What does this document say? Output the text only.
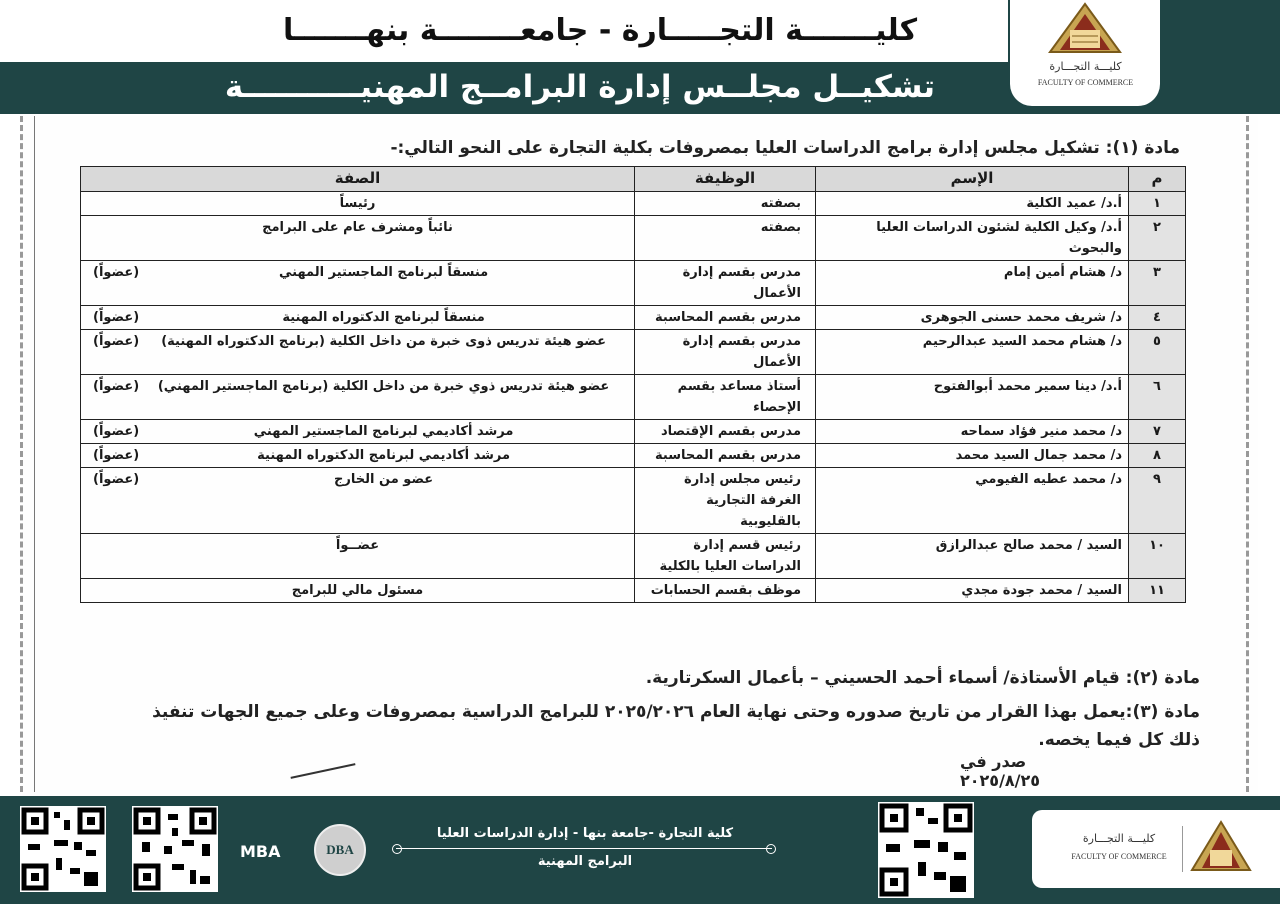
كليـــــــة التجـــــارة - جامعــــــــة بنهـــــــا
تشكيــل مجلــس إدارة البرامــج المهنيـــــــــــة
كليـــة التجـــارة
FACULTY OF COMMERCE
مادة (١): تشكيل مجلس إدارة برامج الدراسات العليا بمصروفات بكلية التجارة على النحو التالي:-
م	الإسم	الوظيفة	الصفة
١	أ.د/ عميد الكلية	بصفته	رئيساً
٢	أ.د/ وكيل الكلية لشئون الدراسات العليا والبحوث	بصفته	نائباً ومشرف عام على البرامج
٣	د/ هشام أمين إمام	مدرس بقسم إدارة الأعمال	(عضواً) منسقاً لبرنامج الماجستير المهني
٤	د/ شريف محمد حسنى الجوهرى	مدرس بقسم المحاسبة	(عضواً) منسقاً لبرنامج الدكتوراه المهنية
٥	د/ هشام محمد السيد عبدالرحيم	مدرس بقسم إدارة الأعمال	(عضواً) عضو هيئة تدريس ذوى خبرة من داخل الكلية (برنامج الدكتوراه المهنية)
٦	أ.د/ دينا سمير محمد أبوالفتوح	أستاذ مساعد بقسم الإحصاء	(عضواً) عضو هيئة تدريس ذوي خبرة من داخل الكلية (برنامج الماجستير المهني)
٧	د/ محمد منير فؤاد سماحه	مدرس بقسم الإقتصاد	(عضواً) مرشد أكاديمي لبرنامج الماجستير المهني
٨	د/ محمد جمال السيد محمد	مدرس بقسم المحاسبة	(عضواً) مرشد أكاديمي لبرنامج الدكتوراه المهنية
٩	د/ محمد عطيه الفيومي	رئيس مجلس إدارة الغرفة التجارية بالقليوبية	(عضواً) عضو من الخارج
١٠	السيد / محمد صالح عبدالرازق	رئيس قسم إدارة الدراسات العليا بالكلية	عضــواً
١١	السيد / محمد جودة مجدي	موظف بقسم الحسابات	مسئول مالي للبرامج
مادة (٢): قيام الأستاذة/ أسماء أحمد الحسيني – بأعمال السكرتارية.
مادة (٣):يعمل بهذا القرار من تاريخ صدوره وحتى نهاية العام ٢٠٢٥/٢٠٢٦ للبرامج الدراسية بمصروفات وعلى جميع الجهات تنفيذ ذلك كل فيما يخصه.
صدر في ٢٠٢٥/٨/٢٥
MBA	DBA
كلية التجارة -جامعة بنها - إدارة الدراسات العليا
البرامج المهنية
كليـــة التجـــارة
FACULTY OF COMMERCE
